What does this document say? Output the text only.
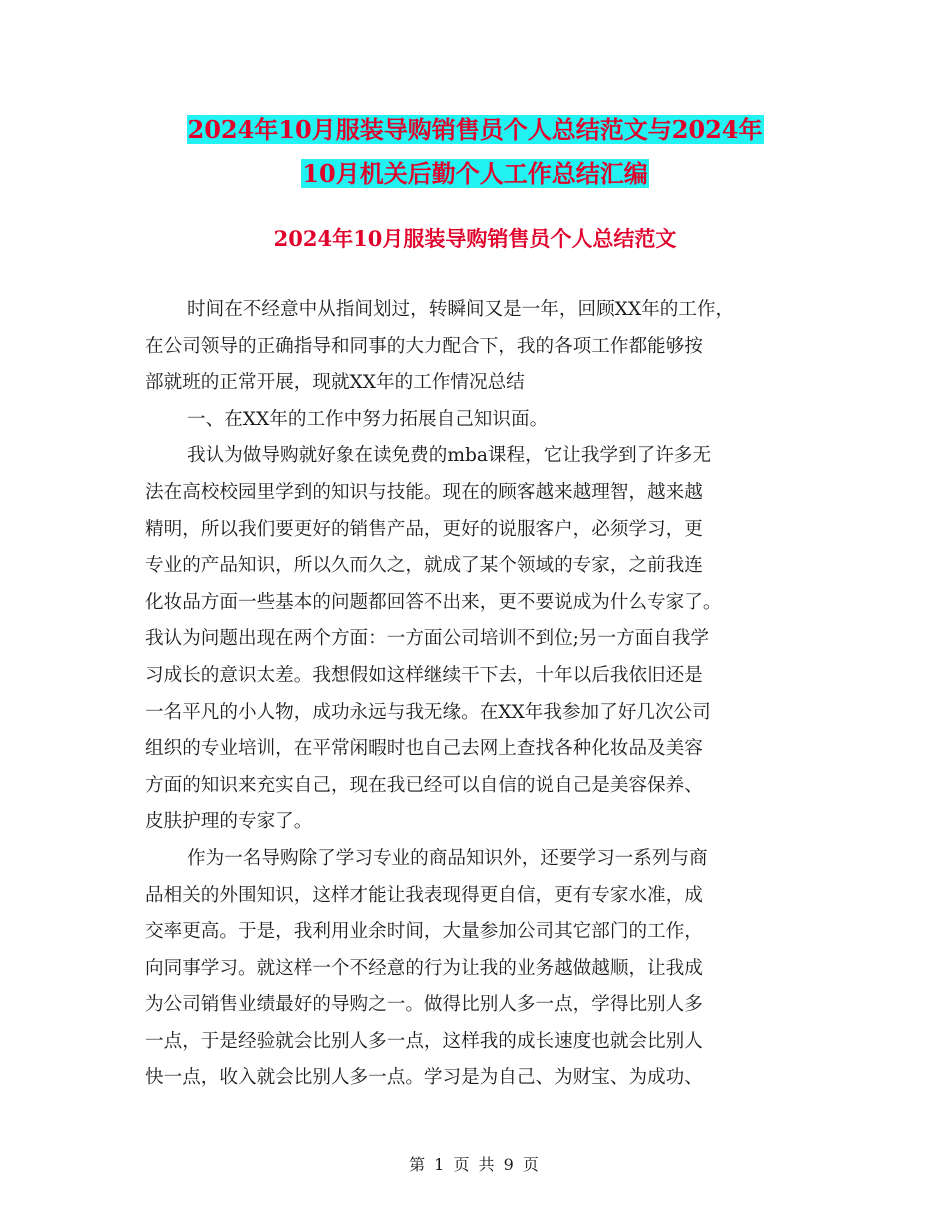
2024年10月服装导购销售员个人总结范文与2024年
10月机关后勤个人工作总结汇编
2024年10月服装导购销售员个人总结范文
时间在不经意中从指间划过，转瞬间又是一年，回顾XX年的工作，
在公司领导的正确指导和同事的大力配合下，我的各项工作都能够按
部就班的正常开展，现就XX年的工作情况总结
一、在XX年的工作中努力拓展自己知识面。
我认为做导购就好象在读免费的mba课程，它让我学到了许多无
法在高校校园里学到的知识与技能。现在的顾客越来越理智，越来越
精明，所以我们要更好的销售产品，更好的说服客户，必须学习，更
专业的产品知识，所以久而久之，就成了某个领域的专家，之前我连
化妆品方面一些基本的问题都回答不出来，更不要说成为什么专家了。
我认为问题出现在两个方面：一方面公司培训不到位;另一方面自我学
习成长的意识太差。我想假如这样继续干下去，十年以后我依旧还是
一名平凡的小人物，成功永远与我无缘。在XX年我参加了好几次公司
组织的专业培训，在平常闲暇时也自己去网上查找各种化妆品及美容
方面的知识来充实自己，现在我已经可以自信的说自己是美容保养、
皮肤护理的专家了。
作为一名导购除了学习专业的商品知识外，还要学习一系列与商
品相关的外围知识，这样才能让我表现得更自信，更有专家水准，成
交率更高。于是，我利用业余时间，大量参加公司其它部门的工作，
向同事学习。就这样一个不经意的行为让我的业务越做越顺，让我成
为公司销售业绩最好的导购之一。做得比别人多一点，学得比别人多
一点，于是经验就会比别人多一点，这样我的成长速度也就会比别人
快一点，收入就会比别人多一点。学习是为自己、为财宝、为成功、
第 1 页 共 9 页
